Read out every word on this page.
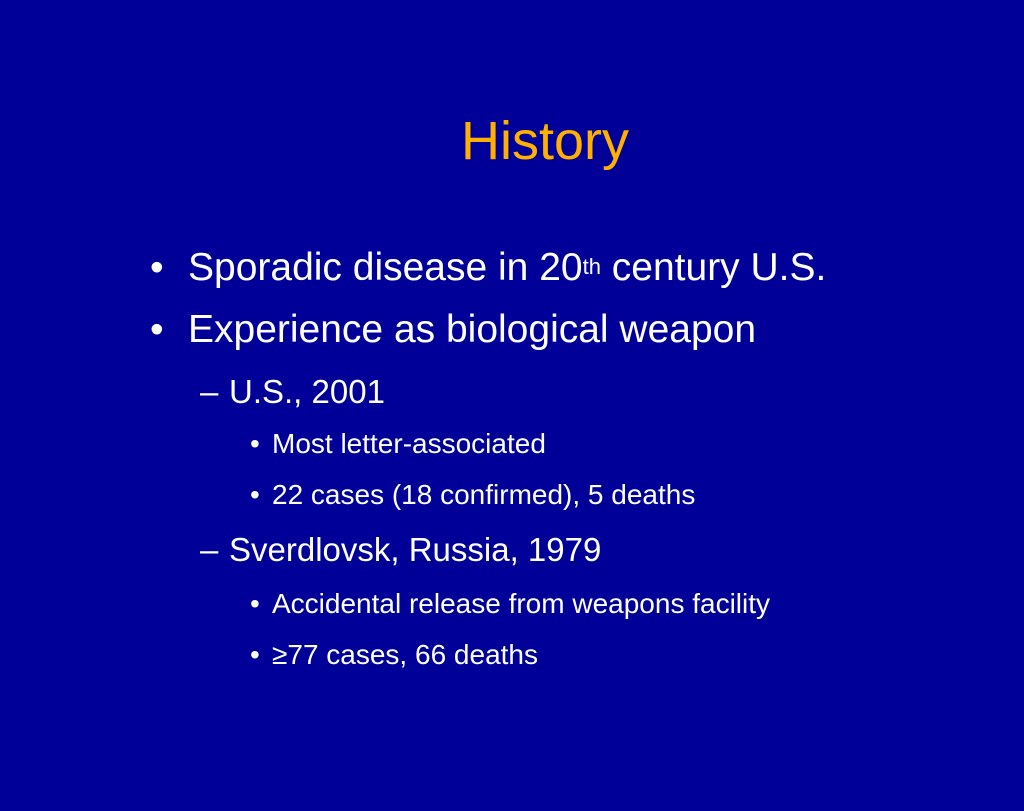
History
• Sporadic disease in 20th century U.S.
• Experience as biological weapon
– U.S., 2001
• Most letter-associated
• 22 cases (18 confirmed), 5 deaths
– Sverdlovsk, Russia, 1979
• Accidental release from weapons facility
• ≥77 cases, 66 deaths
